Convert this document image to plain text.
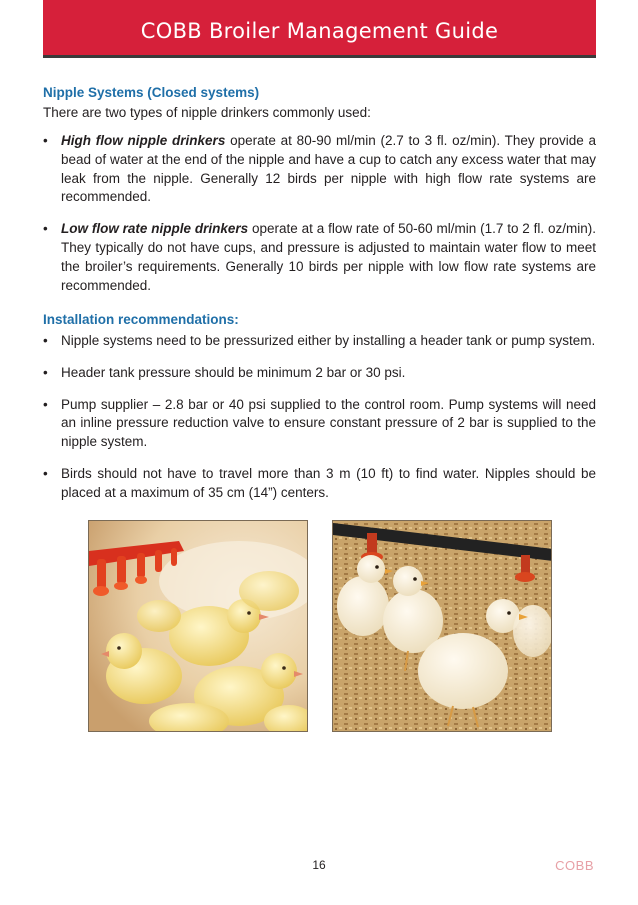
COBB Broiler Management Guide
Nipple Systems (Closed systems)
There are two types of nipple drinkers commonly used:
• High flow nipple drinkers operate at 80-90 ml/min (2.7 to 3 fl. oz/min). They provide a bead of water at the end of the nipple and have a cup to catch any excess water that may leak from the nipple. Generally 12 birds per nipple with high flow rate systems are recommended.
• Low flow rate nipple drinkers operate at a flow rate of 50-60 ml/min (1.7 to 2 fl. oz/min). They typically do not have cups, and pressure is adjusted to maintain water flow to meet the broiler’s requirements. Generally 10 birds per nipple with low flow rate systems are recommended.
Installation recommendations:
• Nipple systems need to be pressurized either by installing a header tank or pump system.
• Header tank pressure should be minimum 2 bar or 30 psi.
• Pump supplier – 2.8 bar or 40 psi supplied to the control room. Pump systems will need an inline pressure reduction valve to ensure constant pressure of 2 bar is supplied to the nipple system.
• Birds should not have to travel more than 3 m (10 ft) to find water. Nipples should be placed at a maximum of 35 cm (14”) centers.
16	COBB
